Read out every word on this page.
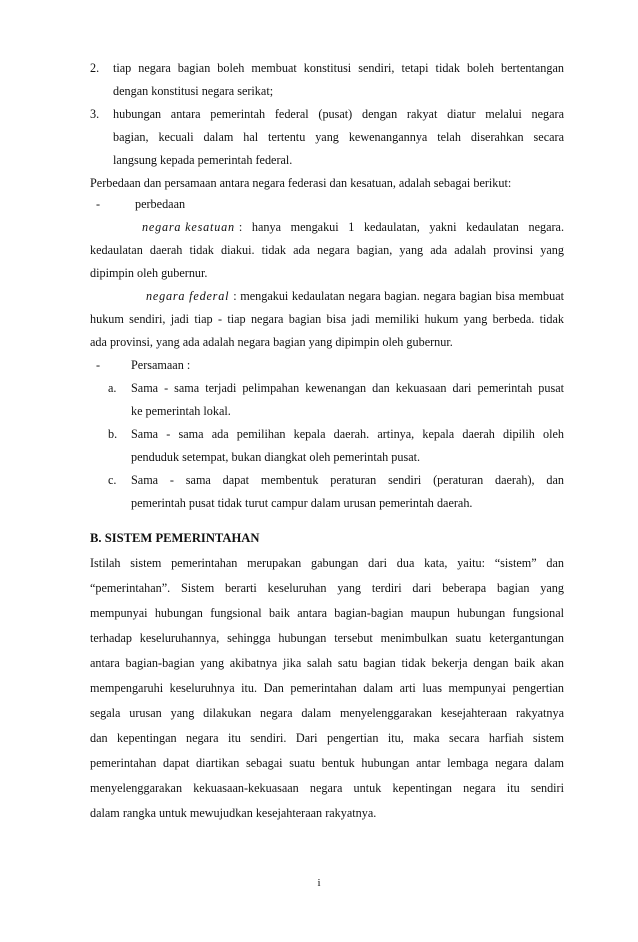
2. tiap negara bagian boleh membuat konstitusi sendiri, tetapi tidak boleh bertentangan
dengan konstitusi negara serikat;
3. hubungan antara pemerintah federal (pusat) dengan rakyat diatur melalui negara
bagian, kecuali dalam hal tertentu yang kewenangannya telah diserahkan secara
langsung kepada pemerintah federal.
Perbedaan dan persamaan antara negara federasi dan kesatuan, adalah sebagai berikut:
-	perbedaan
negara kesatuan : hanya mengakui 1 kedaulatan, yakni kedaulatan negara.
kedaulatan daerah tidak diakui. tidak ada negara bagian, yang ada adalah provinsi yang
dipimpin oleh gubernur.
negara federal : mengakui kedaulatan negara bagian. negara bagian bisa membuat
hukum sendiri, jadi tiap - tiap negara bagian bisa jadi memiliki hukum yang berbeda. tidak
ada provinsi, yang ada adalah negara bagian yang dipimpin oleh gubernur.
-	Persamaan :
a. Sama - sama terjadi pelimpahan kewenangan dan kekuasaan dari pemerintah pusat
ke pemerintah lokal.
b. Sama - sama ada pemilihan kepala daerah. artinya, kepala daerah dipilih oleh
penduduk setempat, bukan diangkat oleh pemerintah pusat.
c. Sama - sama dapat membentuk peraturan sendiri (peraturan daerah), dan
pemerintah pusat tidak turut campur dalam urusan pemerintah daerah.
B. SISTEM PEMERINTAHAN
Istilah sistem pemerintahan merupakan gabungan dari dua kata, yaitu: “sistem” dan
“pemerintahan”. Sistem berarti keseluruhan yang terdiri dari beberapa bagian yang
mempunyai hubungan fungsional baik antara bagian-bagian maupun hubungan fungsional
terhadap keseluruhannya, sehingga hubungan tersebut menimbulkan suatu ketergantungan
antara bagian-bagian yang akibatnya jika salah satu bagian tidak bekerja dengan baik akan
mempengaruhi keseluruhnya itu. Dan pemerintahan dalam arti luas mempunyai pengertian
segala urusan yang dilakukan negara dalam menyelenggarakan kesejahteraan rakyatnya
dan kepentingan negara itu sendiri. Dari pengertian itu, maka secara harfiah sistem
pemerintahan dapat diartikan sebagai suatu bentuk hubungan antar lembaga negara dalam
menyelenggarakan kekuasaan-kekuasaan negara untuk kepentingan negara itu sendiri
dalam rangka untuk mewujudkan kesejahteraan rakyatnya.
i
